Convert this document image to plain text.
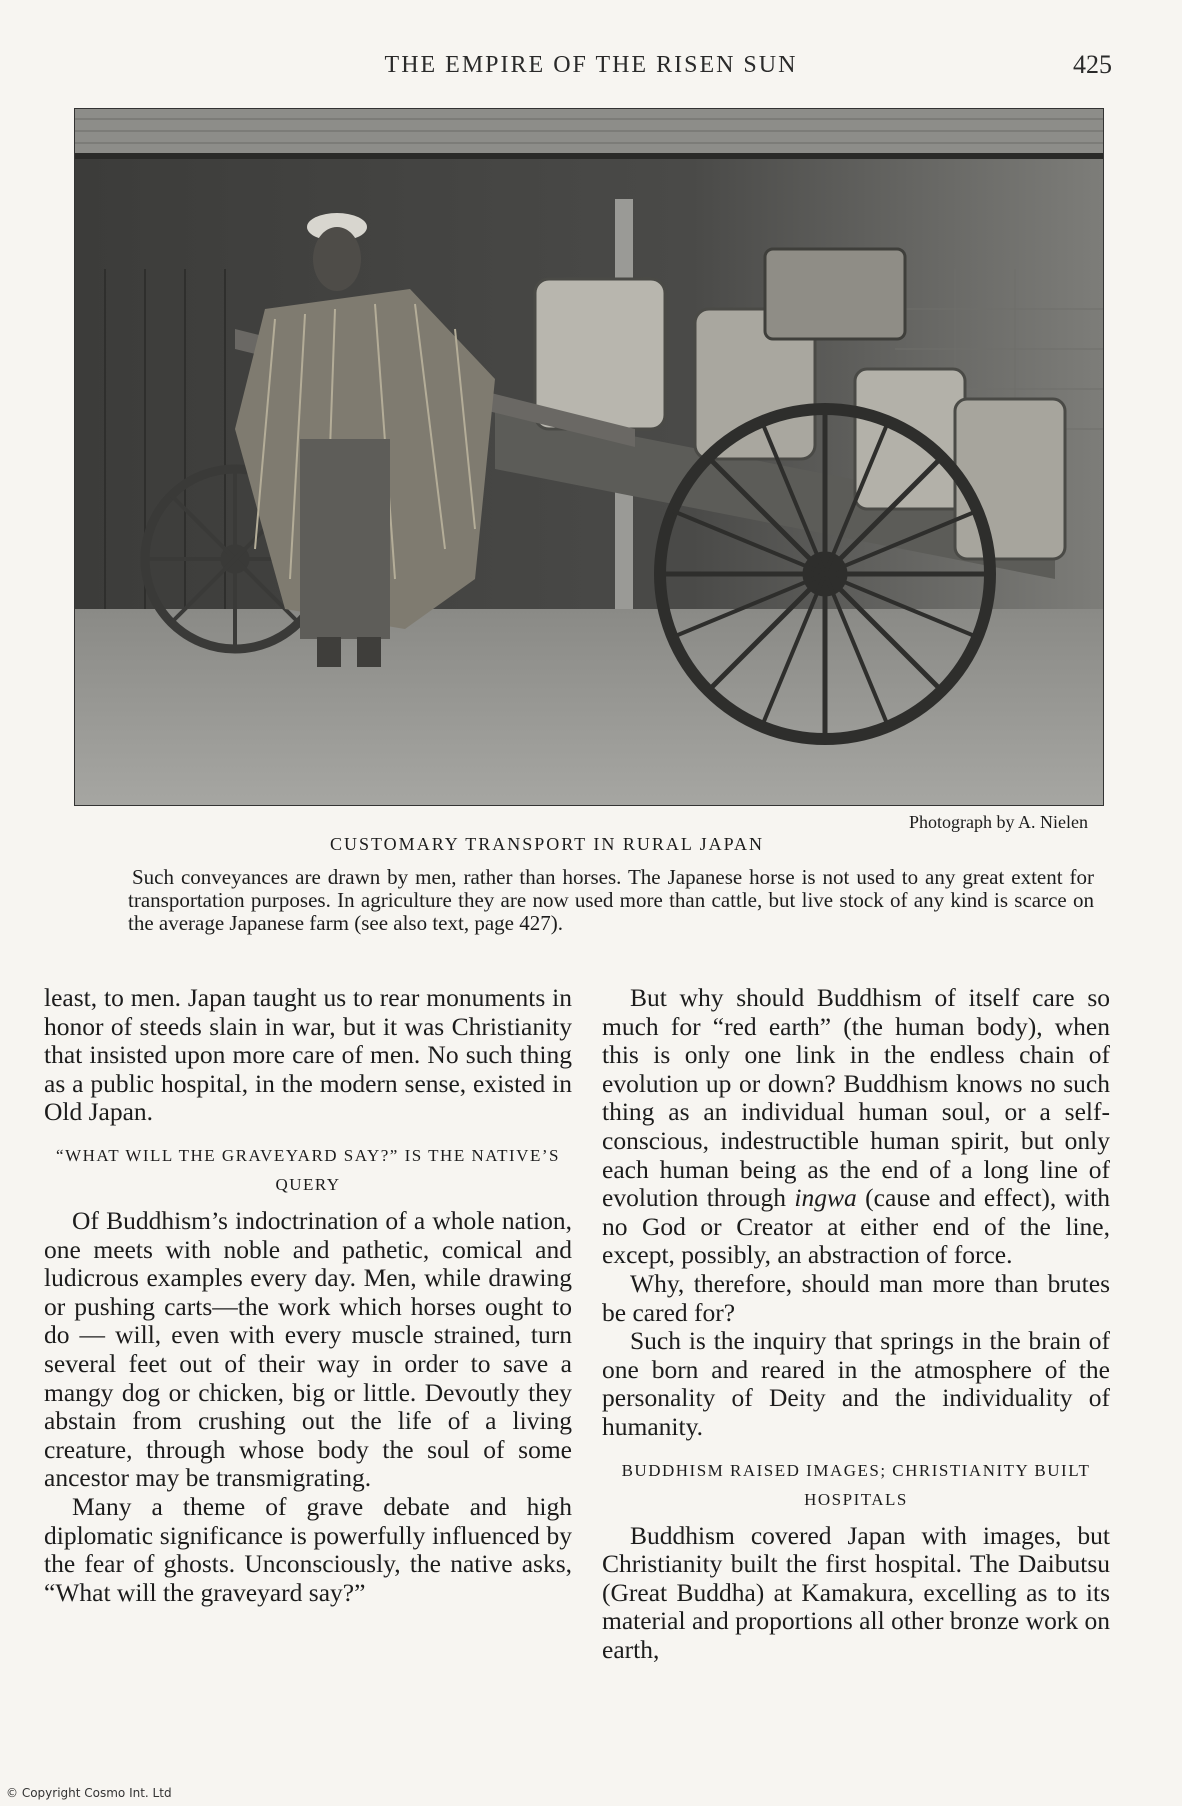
THE EMPIRE OF THE RISEN SUN	425
Photograph by A. Nielen
CUSTOMARY TRANSPORT IN RURAL JAPAN
Such conveyances are drawn by men, rather than horses. The Japanese horse is not used to any great extent for transportation purposes. In agriculture they are now used more than cattle, but live stock of any kind is scarce on the average Japanese farm (see also text, page 427).

least, to men. Japan taught us to rear monuments in honor of steeds slain in war, but it was Christianity that insisted upon more care of men. No such thing as a public hospital, in the modern sense, existed in Old Japan.

“WHAT WILL THE GRAVEYARD SAY?” IS THE NATIVE’S QUERY

Of Buddhism’s indoctrination of a whole nation, one meets with noble and pathetic, comical and ludicrous examples every day. Men, while drawing or pushing carts—the work which horses ought to do — will, even with every muscle strained, turn several feet out of their way in order to save a mangy dog or chicken, big or little. Devoutly they abstain from crushing out the life of a living creature, through whose body the soul of some ancestor may be transmigrating.

Many a theme of grave debate and high diplomatic significance is powerfully influenced by the fear of ghosts. Unconsciously, the native asks, “What will the graveyard say?”

But why should Buddhism of itself care so much for “red earth” (the human body), when this is only one link in the endless chain of evolution up or down? Buddhism knows no such thing as an individual human soul, or a self-conscious, indestructible human spirit, but only each human being as the end of a long line of evolution through ingwa (cause and effect), with no God or Creator at either end of the line, except, possibly, an abstraction of force.

Why, therefore, should man more than brutes be cared for?

Such is the inquiry that springs in the brain of one born and reared in the atmosphere of the personality of Deity and the individuality of humanity.

BUDDHISM RAISED IMAGES; CHRISTIANITY BUILT HOSPITALS

Buddhism covered Japan with images, but Christianity built the first hospital. The Daibutsu (Great Buddha) at Kamakura, excelling as to its material and proportions all other bronze work on earth,

© Copyright Cosmo Int. Ltd
